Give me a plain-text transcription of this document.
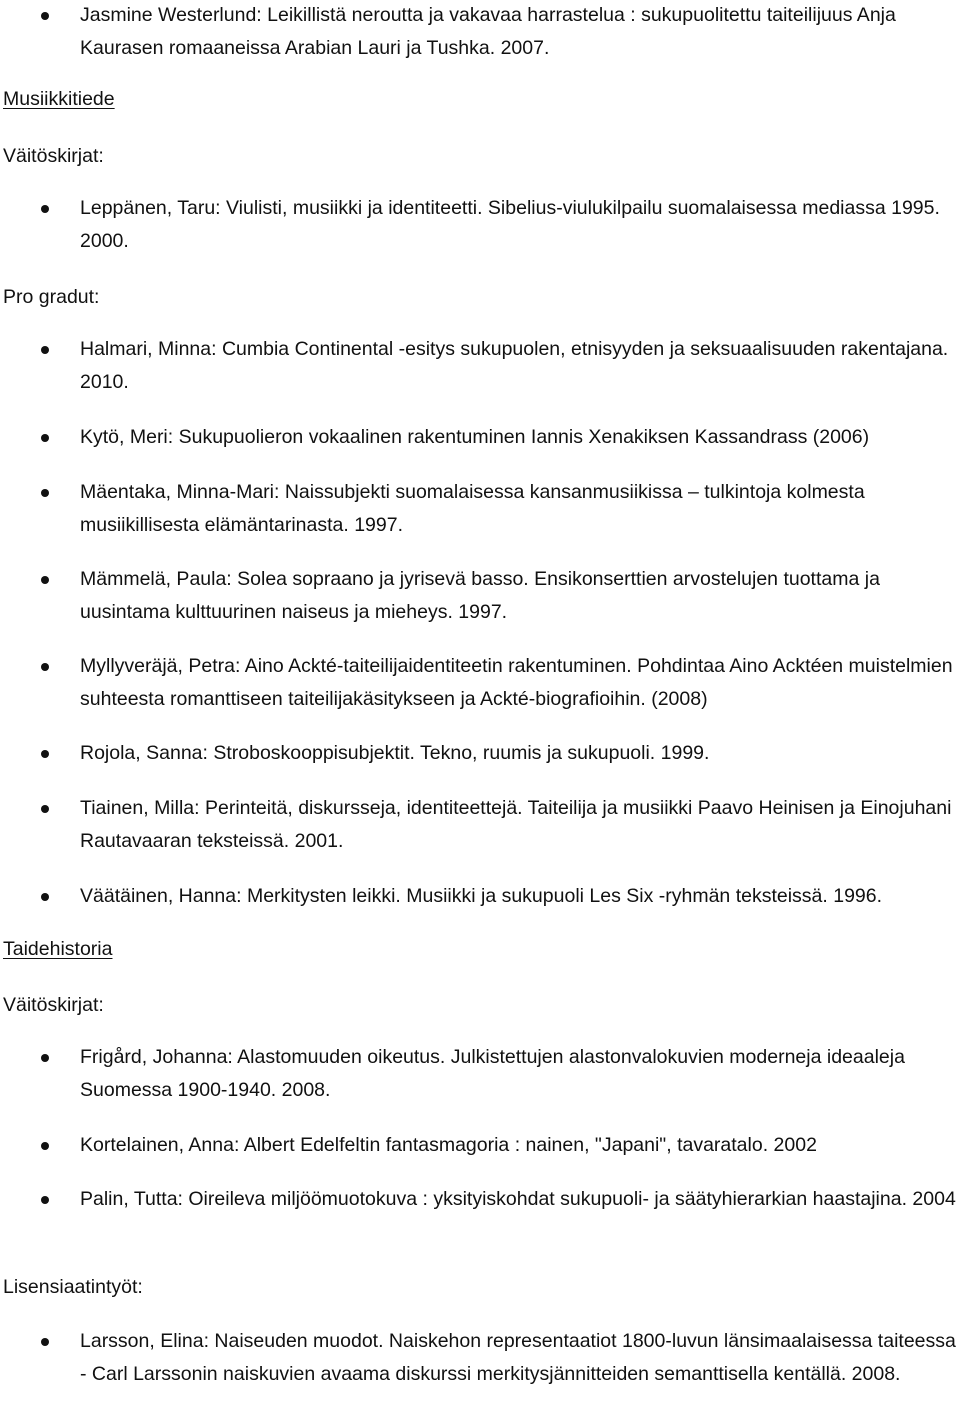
Jasmine Westerlund: Leikillistä neroutta ja vakavaa harrastelua : sukupuolitettu taiteilijuus Anja Kaurasen romaaneissa Arabian Lauri ja Tushka. 2007.
Musiikkitiede
Väitöskirjat:
Leppänen, Taru: Viulisti, musiikki ja identiteetti. Sibelius-viulukilpailu suomalaisessa mediassa 1995. 2000.
Pro gradut:
Halmari, Minna: Cumbia Continental -esitys sukupuolen, etnisyyden ja seksuaalisuuden rakentajana. 2010.
Kytö, Meri: Sukupuolieron vokaalinen rakentuminen Iannis Xenakiksen Kassandrass (2006)
Mäentaka, Minna-Mari: Naissubjekti suomalaisessa kansanmusiikissa – tulkintoja kolmesta musiikillisesta elämäntarinasta. 1997.
Mämmelä, Paula: Solea sopraano ja jyrisevä basso. Ensikonserttien arvostelujen tuottama ja uusintama kulttuurinen naiseus ja mieheys. 1997.
Myllyveräjä, Petra: Aino Ackté-taiteilijaidentiteetin rakentuminen. Pohdintaa Aino Acktéen muistelmien suhteesta romanttiseen taiteilijakäsitykseen ja Ackté-biografioihin. (2008)
Rojola, Sanna: Stroboskooppisubjektit. Tekno, ruumis ja sukupuoli. 1999.
Tiainen, Milla: Perinteitä, diskursseja, identiteettejä. Taiteilija ja musiikki Paavo Heinisen ja Einojuhani Rautavaaran teksteissä. 2001.
Väätäinen, Hanna: Merkitysten leikki. Musiikki ja sukupuoli Les Six -ryhmän teksteissä. 1996.
Taidehistoria
Väitöskirjat:
Frigård, Johanna: Alastomuuden oikeutus. Julkistettujen alastonvalokuvien moderneja ideaaleja Suomessa 1900-1940. 2008.
Kortelainen, Anna: Albert Edelfeltin fantasmagoria : nainen, "Japani", tavaratalo. 2002
Palin, Tutta: Oireileva miljöömuotokuva : yksityiskohdat sukupuoli- ja säätyhierarkian haastajina. 2004
Lisensiaatintyöt:
Larsson, Elina: Naiseuden muodot. Naiskehon representaatiot 1800-luvun länsimaalaisessa taiteessa - Carl Larssonin naiskuvien avaama diskurssi merkitysjännitteiden semanttisella kentällä. 2008.
